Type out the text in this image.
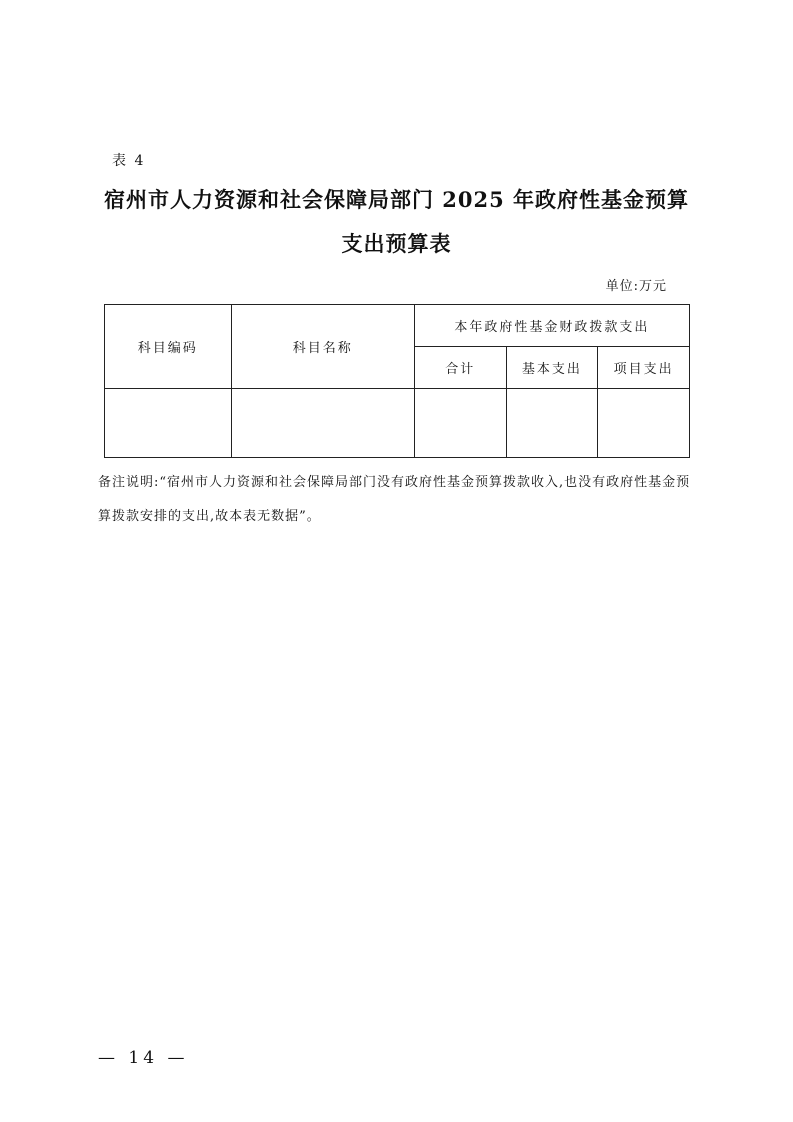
表 4
宿州市人力资源和社会保障局部门 2025 年政府性基金预算支出预算表
单位:万元
科目编码	科目名称	本年政府性基金财政拨款支出		
		合计	基本支出	项目支出

备注说明:“宿州市人力资源和社会保障局部门没有政府性基金预算拨款收入,也没有政府性基金预算拨款安排的支出,故本表无数据”。
— 14 —
